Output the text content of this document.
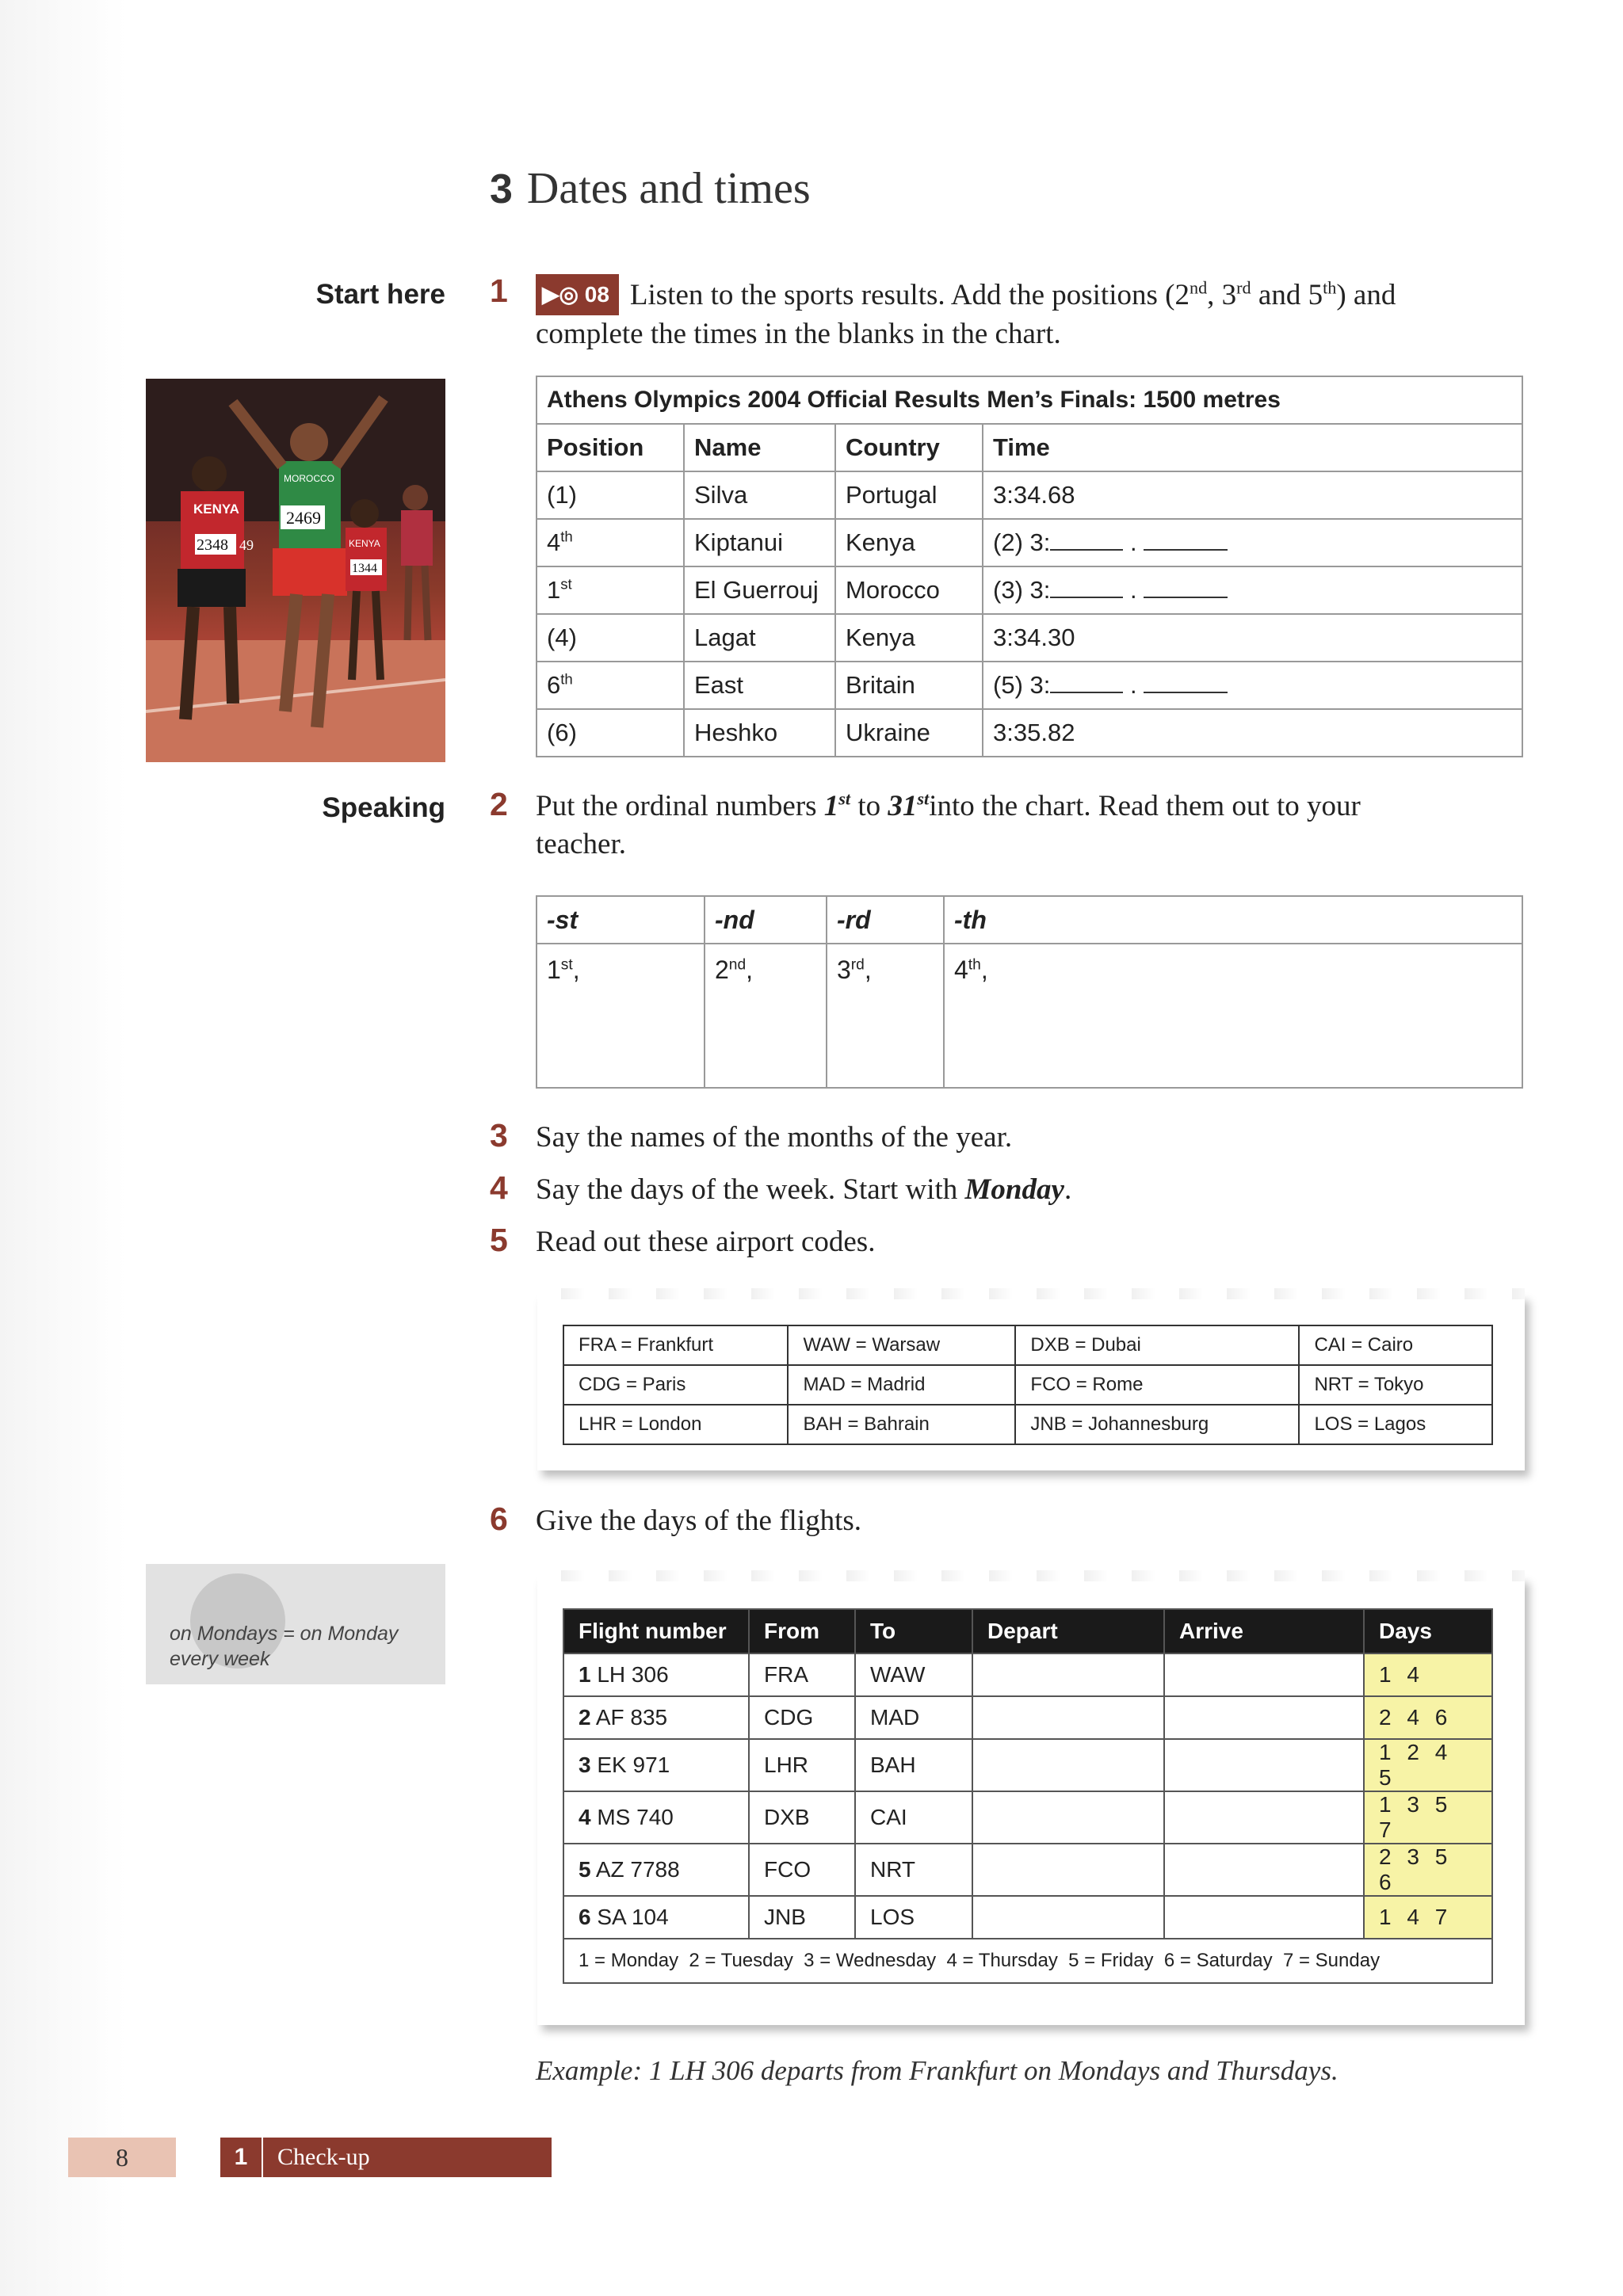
3 Dates and times
Start here
Speaking
1 ▶◎ 08 Listen to the sports results. Add the positions (2nd, 3rd and 5th) and
complete the times in the blanks in the chart.
2469
MOROCCO
KENYA
2348 49	KENYA
1344
Athens Olympics 2004 Official Results Men’s Finals: 1500 metres			
Position	Name	Country	Time
(1)	Silva	Portugal	3:34.68
4th	Kiptanui	Kenya	(2) 3: .
1st	El Guerrouj	Morocco	(3) 3: .
(4)	Lagat	Kenya	3:34.30
6th	East	Britain	(5) 3: .
(6)	Heshko	Ukraine	3:35.82
2 Put the ordinal numbers 1st to 31stinto the chart. Read them out to your
teacher.
-st	-nd	-rd	-th
1st,	2nd,	3rd,	4th,
3 Say the names of the months of the year.
4 Say the days of the week. Start with Monday.
5 Read out these airport codes.
FRA = Frankfurt	WAW = Warsaw	DXB = Dubai	CAI = Cairo
CDG = Paris	MAD = Madrid	FCO = Rome	NRT = Tokyo
LHR = London	BAH = Bahrain	JNB = Johannesburg	LOS = Lagos
6 Give the days of the flights.
on Mondays = on Monday
every week
Flight number	From	To	Depart	Arrive	Days
1 LH 306	FRA	WAW			1 4
2 AF 835	CDG	MAD			2 4 6
3 EK 971	LHR	BAH			1 2 4 5
4 MS 740	DXB	CAI			1 3 5 7
5 AZ 7788	FCO	NRT			2 3 5 6
6 SA 104	JNB	LOS			1 4 7
1 = Monday  2 = Tuesday  3 = Wednesday  4 = Thursday  5 = Friday  6 = Saturday  7 = Sunday					
Example: 1 LH 306 departs from Frankfurt on Mondays and Thursdays.
8	1 Check-up
